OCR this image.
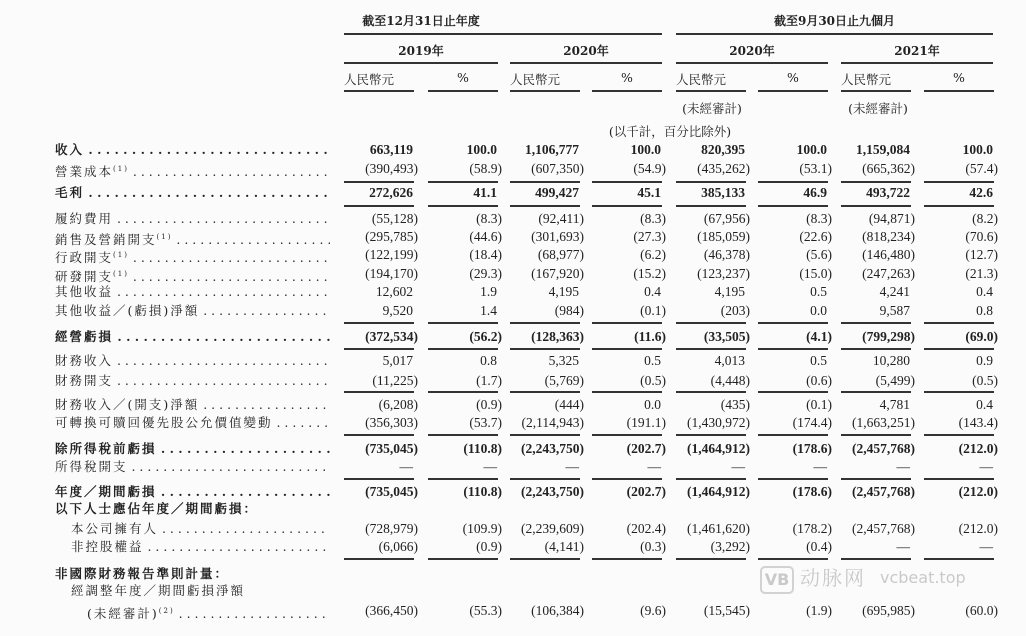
截至12月31日止年度	截至9月30日止九個月
2019年	2020年	2020年	2021年
人民幣元	%	人民幣元	%	人民幣元	%	人民幣元	%
(未經審計)	(未經審計)
(以千計，百分比除外)
收入 . . .	663,119	100.0	1,106,777	100.0	820,395	100.0	1,159,084	100.0
營業成本$^{(1)}$ . . .	(390,493)	(58.9)	(607,350)	(54.9)	(435,262)	(53.1)	(665,362)	(57.4)
毛利 . . .	272,626	41.1	499,427	45.1	385,133	46.9	493,722	42.6
履約費用 . . .	(55,128)	(8.3)	(92,411)	(8.3)	(67,956)	(8.3)	(94,871)	(8.2)
銷售及營銷開支$^{(1)}$ . . .	(295,785)	(44.6)	(301,693)	(27.3)	(185,059)	(22.6)	(818,234)	(70.6)
行政開支$^{(1)}$ . . .	(122,199)	(18.4)	(68,977)	(6.2)	(46,378)	(5.6)	(146,480)	(12.7)
研發開支$^{(1)}$ . . .	(194,170)	(29.3)	(167,920)	(15.2)	(123,237)	(15.0)	(247,263)	(21.3)
其他收益 . . .	12,602	1.9	4,195	0.4	4,195	0.5	4,241	0.4
其他收益／(虧損)淨額 . . .	9,520	1.4	(984)	(0.1)	(203)	0.0	9,587	0.8
經營虧損 . . .	(372,534)	(56.2)	(128,363)	(11.6)	(33,505)	(4.1)	(799,298)	(69.0)
財務收入 . . .	5,017	0.8	5,325	0.5	4,013	0.5	10,280	0.9
財務開支 . . .	(11,225)	(1.7)	(5,769)	(0.5)	(4,448)	(0.6)	(5,499)	(0.5)
財務收入／(開支)淨額 . . .	(6,208)	(0.9)	(444)	0.0	(435)	(0.1)	4,781	0.4
可轉換可贖回優先股公允價值變動 . . .	(356,303)	(53.7)	(2,114,943)	(191.1)	(1,430,972)	(174.4)	(1,663,251)	(143.4)
除所得稅前虧損 . . .	(735,045)	(110.8)	(2,243,750)	(202.7)	(1,464,912)	(178.6)	(2,457,768)	(212.0)
所得稅開支 . . .	—	—	—	—	—	—	—	—
年度／期間虧損 . . .	(735,045)	(110.8)	(2,243,750)	(202.7)	(1,464,912)	(178.6)	(2,457,768)	(212.0)
以下人士應佔年度／期間虧損：
本公司擁有人 . . .	(728,979)	(109.9)	(2,239,609)	(202.4)	(1,461,620)	(178.2)	(2,457,768)	(212.0)
非控股權益 . . .	(6,066)	(0.9)	(4,141)	(0.3)	(3,292)	(0.4)	—	—
非國際財務報告準則計量：
經調整年度／期間虧損淨額
(未經審計)$^{(2)}$ . . .	(366,450)	(55.3)	(106,384)	(9.6)	(15,545)	(1.9)	(695,985)	(60.0)
VB 动脉网 vcbeat.top
